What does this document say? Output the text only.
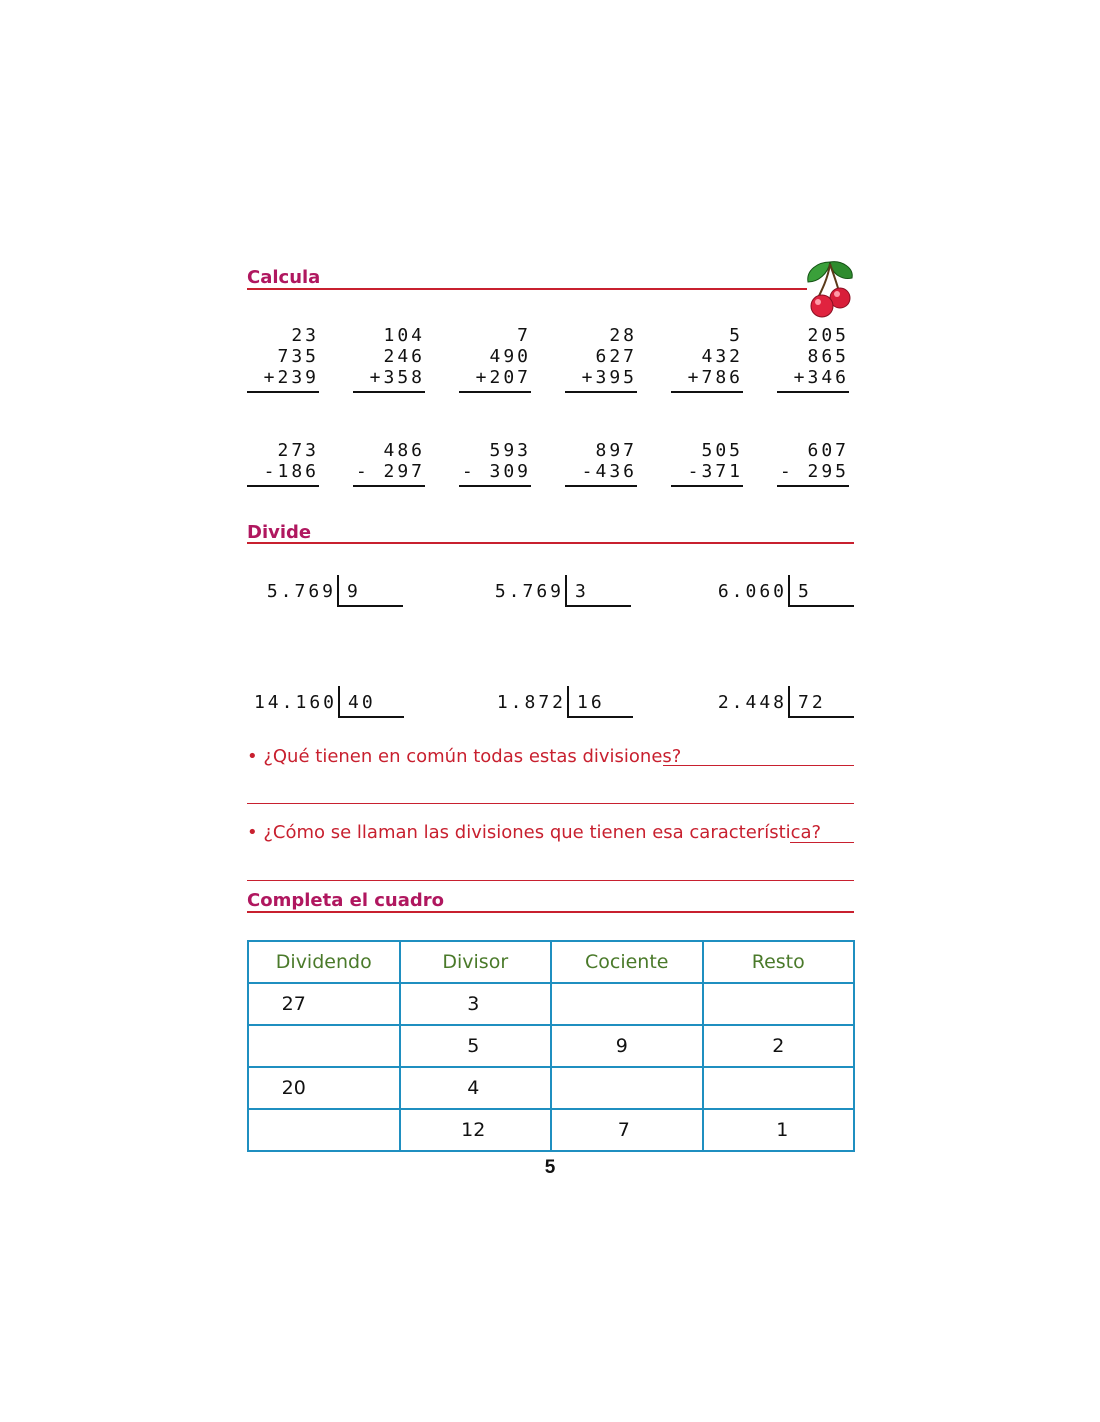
Calcula
23
735
+239
104
246
+358
7
490
+207
28
627
+395
5
432
+786
205
865
+346
273
-186
486
- 297
593
- 309
897
-436
505
-371
607
- 295
Divide
5.769 9	5.769 3	6.060 5
14.160 40	1.872 16	2.448 72
• ¿Qué tienen en común todas estas divisiones?
• ¿Cómo se llaman las divisiones que tienen esa característica?
Completa el cuadro
Dividendo	Divisor	Cociente	Resto
27	3		
	5	9	2
20	4		
	12	7	1
5
